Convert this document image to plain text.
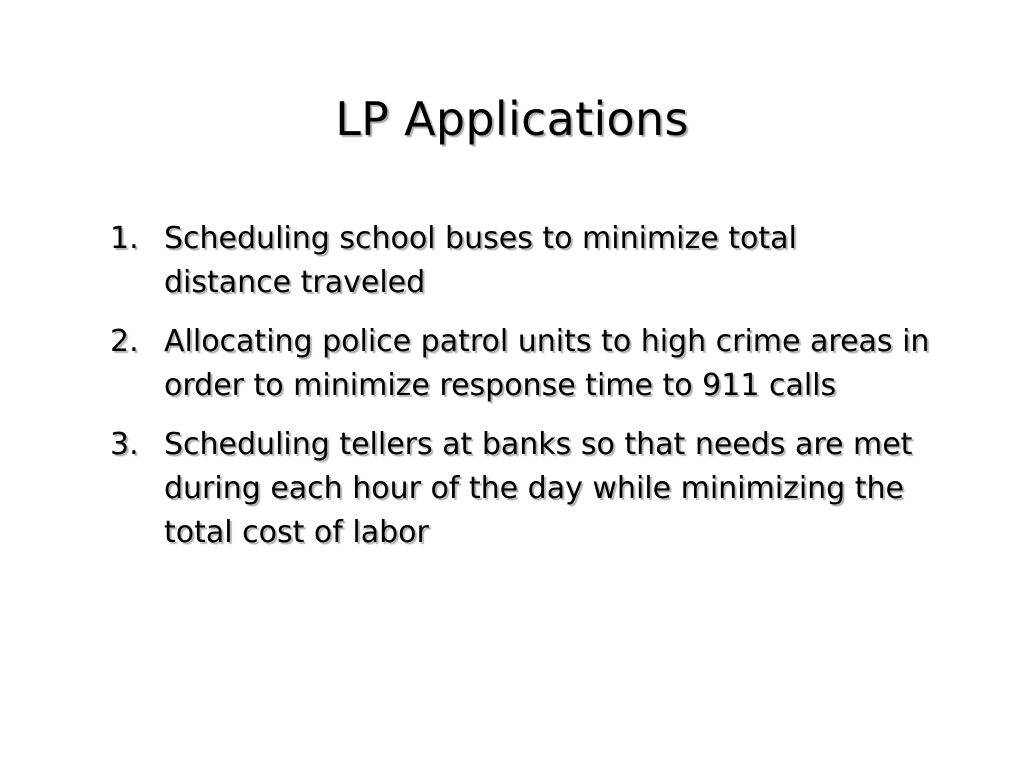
LP Applications
1. Scheduling school buses to minimize total distance traveled
2. Allocating police patrol units to high crime areas in order to minimize response time to 911 calls
3. Scheduling tellers at banks so that needs are met during each hour of the day while minimizing the total cost of labor
